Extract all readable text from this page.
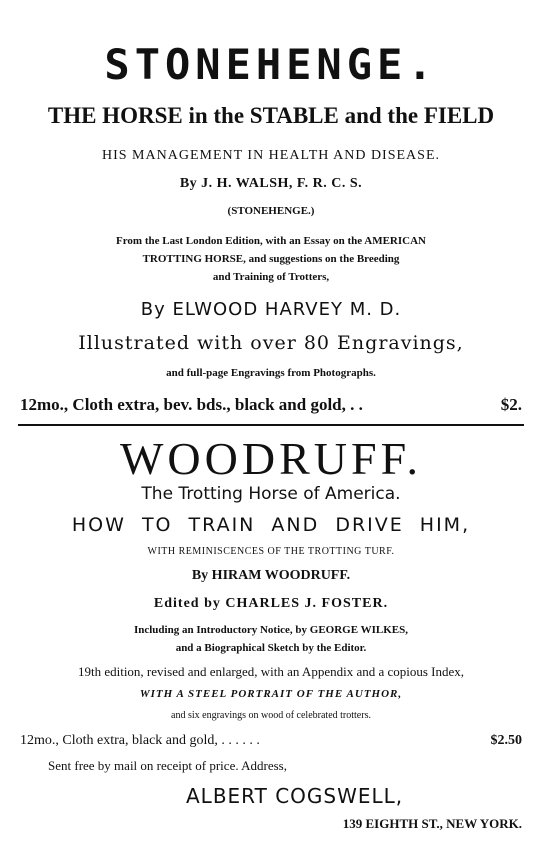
STONEHENGE.
THE HORSE in the STABLE and the FIELD
HIS MANAGEMENT IN HEALTH AND DISEASE.
By J. H. WALSH, F. R. C. S.
(STONEHENGE.)
From the Last London Edition, with an Essay on the AMERICAN
TROTTING HORSE, and suggestions on the Breeding
and Training of Trotters,
By ELWOOD HARVEY M. D.
Illustrated with over 80 Engravings,
and full-page Engravings from Photographs.
12mo., Cloth extra, bev. bds., black and gold, . .	$2.
WOODRUFF.
The Trotting Horse of America.
HOW TO TRAIN AND DRIVE HIM,
WITH REMINISCENCES OF THE TROTTING TURF.
By HIRAM WOODRUFF.
Edited by CHARLES J. FOSTER.
Including an Introductory Notice, by GEORGE WILKES,
and a Biographical Sketch by the Editor.
19th edition, revised and enlarged, with an Appendix and a copious Index,
WITH A STEEL PORTRAIT OF THE AUTHOR,
and six engravings on wood of celebrated trotters.
12mo., Cloth extra, black and gold, . . . . . .	$2.50
Sent free by mail on receipt of price. Address,
ALBERT COGSWELL,
139 EIGHTH ST., NEW YORK.
